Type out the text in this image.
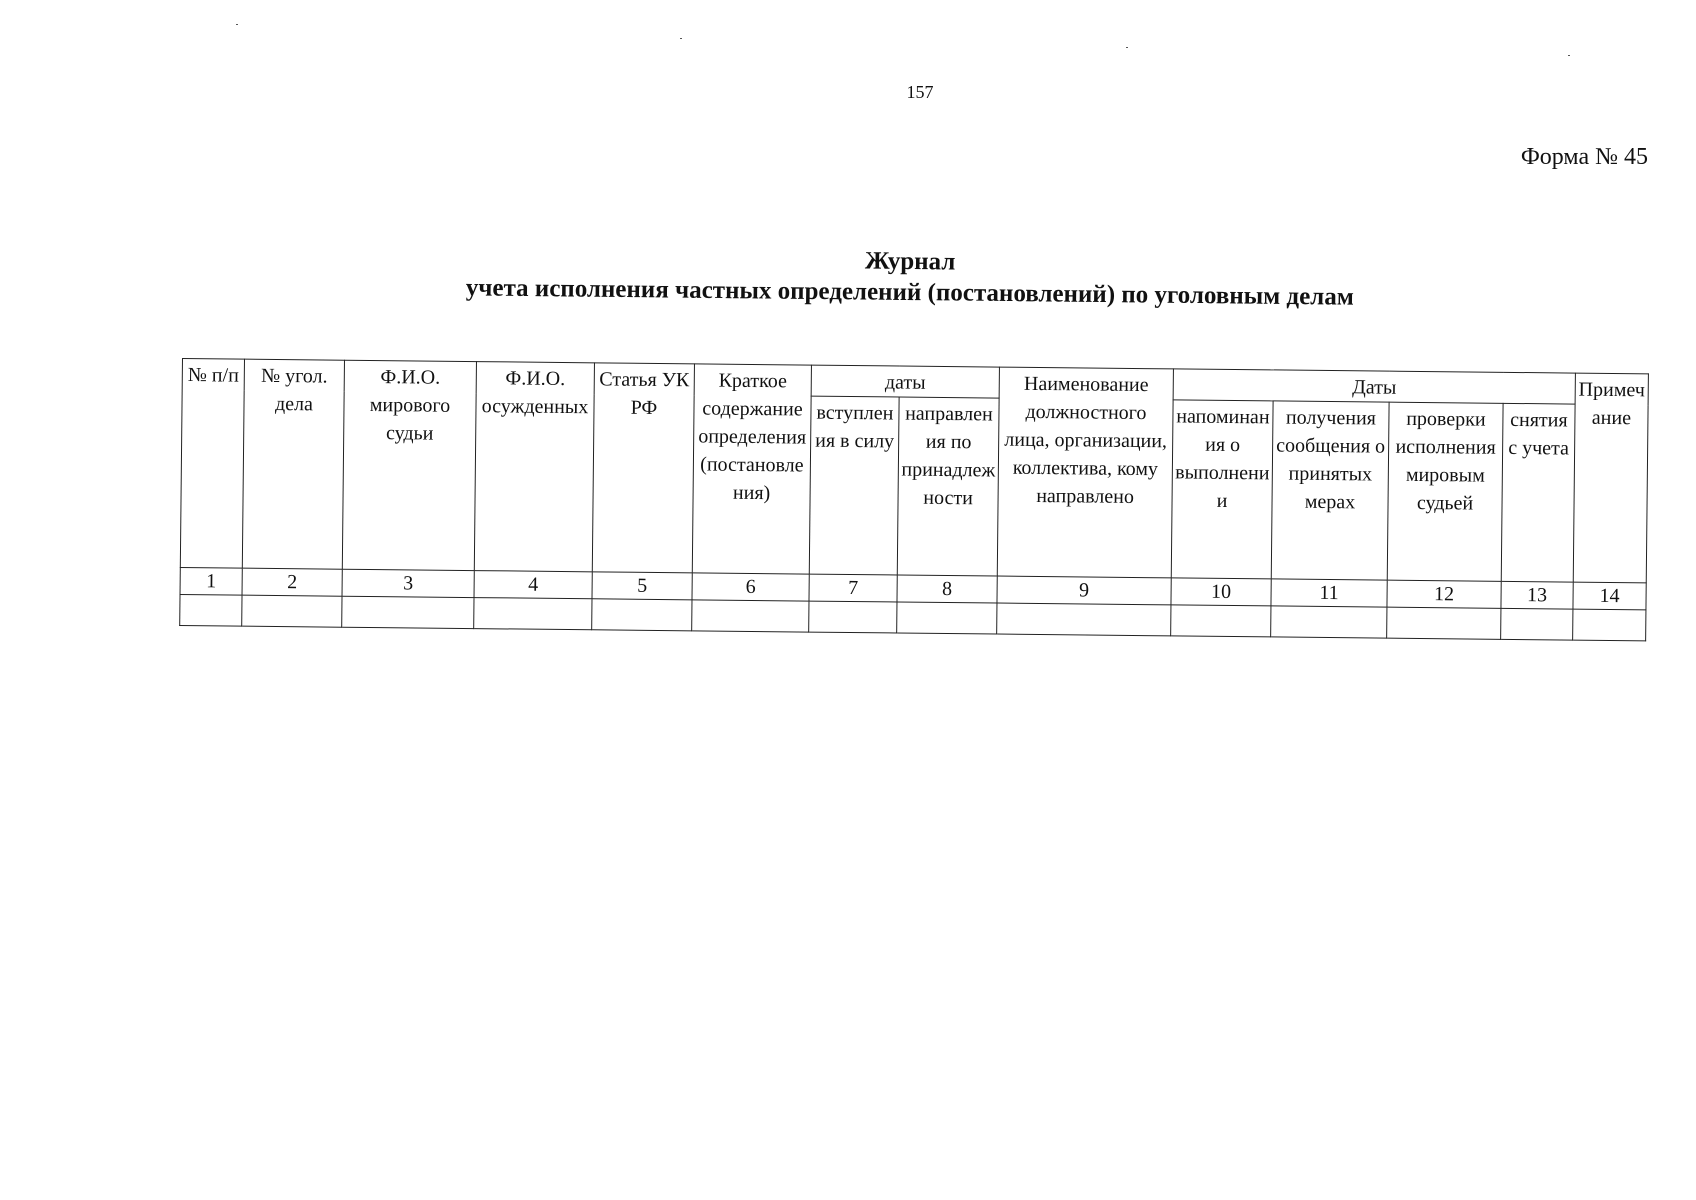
157
Форма № 45
Журнал
учета исполнения частных определений (постановлений) по уголовным делам
№ п/п	№ угол. дела	Ф.И.О. мирового судьи	Ф.И.О. осужденных	Статья УК РФ	Краткое содержание определения (постановления)	даты		Наименование должностного лица, организации, коллектива, кому направлено	Даты				Примечание
						вступления в силу	направления по принадлежности		напоминания о выполнении	получения сообщения о принятых мерах	проверки исполнения мировым судьей	снятия с учета	
1	2	3	4	5	6	7	8	9	10	11	12	13	14
